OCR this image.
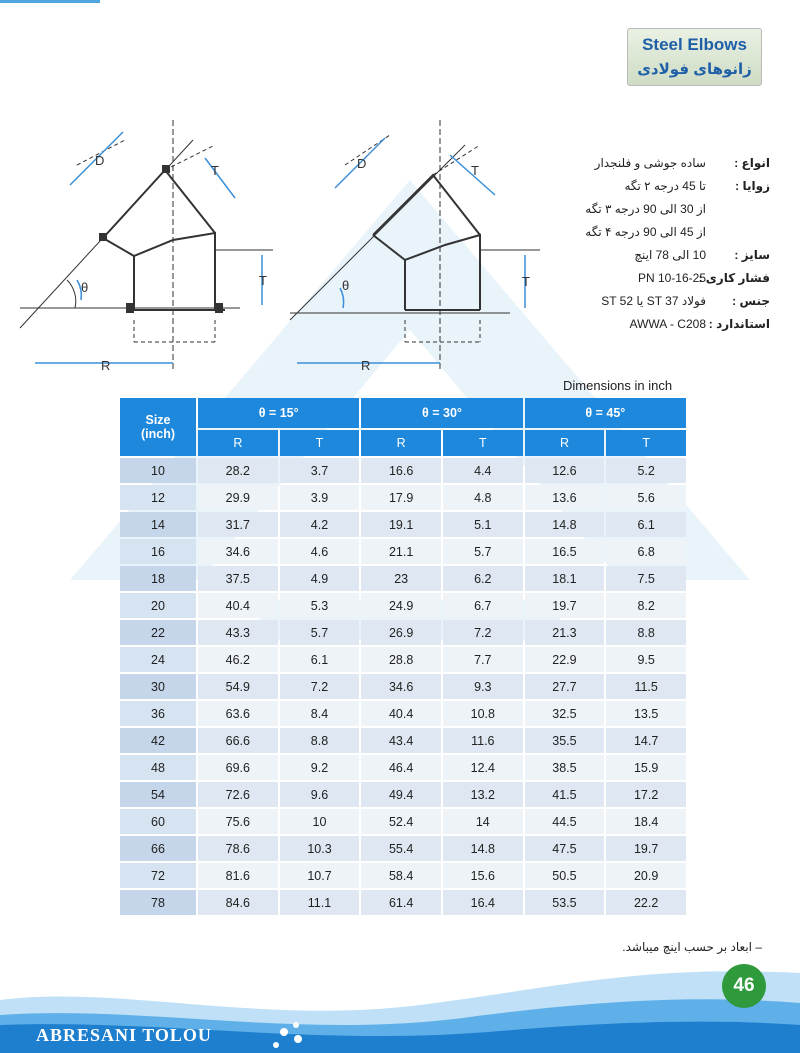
Steel Elbows
زانوهای فولادی
D
T
T
θ
R
D	T
T
θ
R
انواع :
ساده جوشی و فلنجدار
زوایا :
تا 45 درجه ۲ تگه
از 30 الی 90 درجه ۳ تگه
از 45 الی 90 درجه ۴ تگه
سایز :
10 الی 78 اینچ
فشار کاری :
PN 10-16-25
جنس :
فولاد ST 37 یا ST 52
استاندارد :
AWWA - C208
Dimensions in inch
Size
(inch)	θ = 15°		θ = 30°		θ = 45°	
	R	T	R	T	R	T
10	28.2	3.7	16.6	4.4	12.6	5.2
12	29.9	3.9	17.9	4.8	13.6	5.6
14	31.7	4.2	19.1	5.1	14.8	6.1
16	34.6	4.6	21.1	5.7	16.5	6.8
18	37.5	4.9	23	6.2	18.1	7.5
20	40.4	5.3	24.9	6.7	19.7	8.2
22	43.3	5.7	26.9	7.2	21.3	8.8
24	46.2	6.1	28.8	7.7	22.9	9.5
30	54.9	7.2	34.6	9.3	27.7	11.5
36	63.6	8.4	40.4	10.8	32.5	13.5
42	66.6	8.8	43.4	11.6	35.5	14.7
48	69.6	9.2	46.4	12.4	38.5	15.9
54	72.6	9.6	49.4	13.2	41.5	17.2
60	75.6	10	52.4	14	44.5	18.4
66	78.6	10.3	55.4	14.8	47.5	19.7
72	81.6	10.7	58.4	15.6	50.5	20.9
78	84.6	11.1	61.4	16.4	53.5	22.2
– ابعاد بر حسب اینچ میباشد.
46
ABRESANI TOLOU
